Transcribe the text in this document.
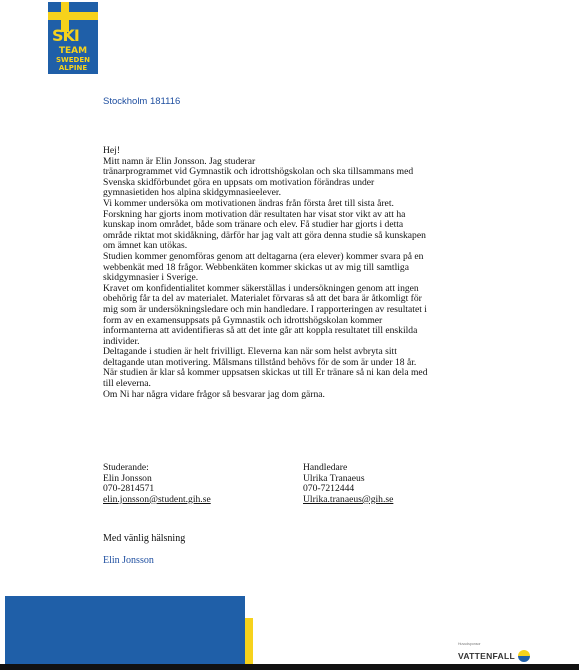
SKI
TEAM
SWEDEN
ALPINE
Stockholm 181116
Hej!
Mitt namn är Elin Jonsson. Jag studerar
tränarprogrammet vid Gymnastik och idrottshögskolan och ska tillsammans med
Svenska skidförbundet göra en uppsats om motivation förändras under
gymnasietiden hos alpina skidgymnasieelever.
Vi kommer undersöka om motivationen ändras från första året till sista året.
Forskning har gjorts inom motivation där resultaten har visat stor vikt av att ha
kunskap inom området, både som tränare och elev. Få studier har gjorts i detta
område riktat mot skidåkning, därför har jag valt att göra denna studie så kunskapen
om ämnet kan utökas.
Studien kommer genomföras genom att deltagarna (era elever) kommer svara på en
webbenkät med 18 frågor. Webbenkäten kommer skickas ut av mig till samtliga
skidgymnasier i Sverige.
Kravet om konfidentialitet kommer säkerställas i undersökningen genom att ingen
obehörig får ta del av materialet. Materialet förvaras så att det bara är åtkomligt för
mig som är undersökningsledare och min handledare. I rapporteringen av resultatet i
form av en examensuppsats på Gymnastik och idrottshögskolan kommer
informanterna att avidentifieras så att det inte går att koppla resultatet till enskilda
individer.
Deltagande i studien är helt frivilligt. Eleverna kan när som helst avbryta sitt
deltagande utan motivering. Målsmans tillstånd behövs för de som är under 18 år.
När studien är klar så kommer uppsatsen skickas ut till Er tränare så ni kan dela med
till eleverna.
Om Ni har några vidare frågor så besvarar jag dom gärna.
Studerande:
Elin Jonsson
070-2814571
elin.jonsson@student.gih.se
Handledare
Ulrika Tranaeus
070-7212444
Ulrika.tranaeus@gih.se
Med vänlig hälsning
Elin Jonsson
Huvudsponsor
VATTENFALL
